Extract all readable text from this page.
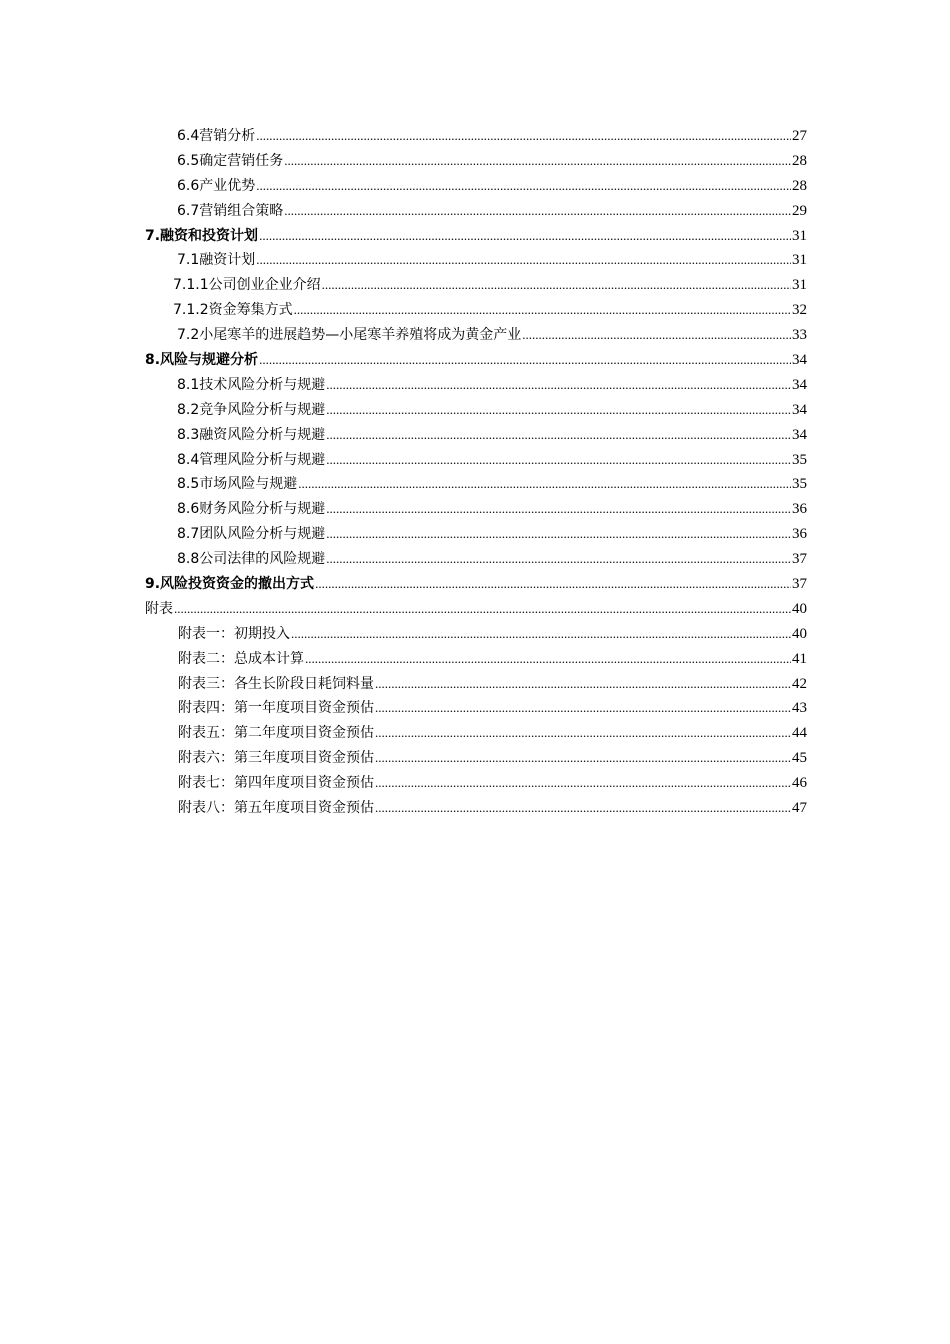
6.4营销分析 .....	27
6.5确定营销任务 .....	28
6.6产业优势 .....	28
6.7营销组合策略 .....	29
7.融资和投资计划 .....	31
7.1融资计划 .....	31
7.1.1公司创业企业介绍 .....	31
7.1.2资金筹集方式 .....	32
7.2小尾寒羊的进展趋势—小尾寒羊养殖将成为黄金产业 .....	33
8.风险与规避分析 .....	34
8.1技术风险分析与规避 .....	34
8.2竞争风险分析与规避 .....	34
8.3融资风险分析与规避 .....	34
8.4管理风险分析与规避 .....	35
8.5市场风险与规避 .....	35
8.6财务风险分析与规避 .....	36
8.7团队风险分析与规避 .....	36
8.8公司法律的风险规避 .....	37
9.风险投资资金的撤出方式 .....	37
附表 .....	40
附表一：初期投入 .....	40
附表二：总成本计算 .....	41
附表三：各生长阶段日耗饲料量 .....	42
附表四：第一年度项目资金预估 .....	43
附表五：第二年度项目资金预估 .....	44
附表六：第三年度项目资金预估 .....	45
附表七：第四年度项目资金预估 .....	46
附表八：第五年度项目资金预估 .....	47
